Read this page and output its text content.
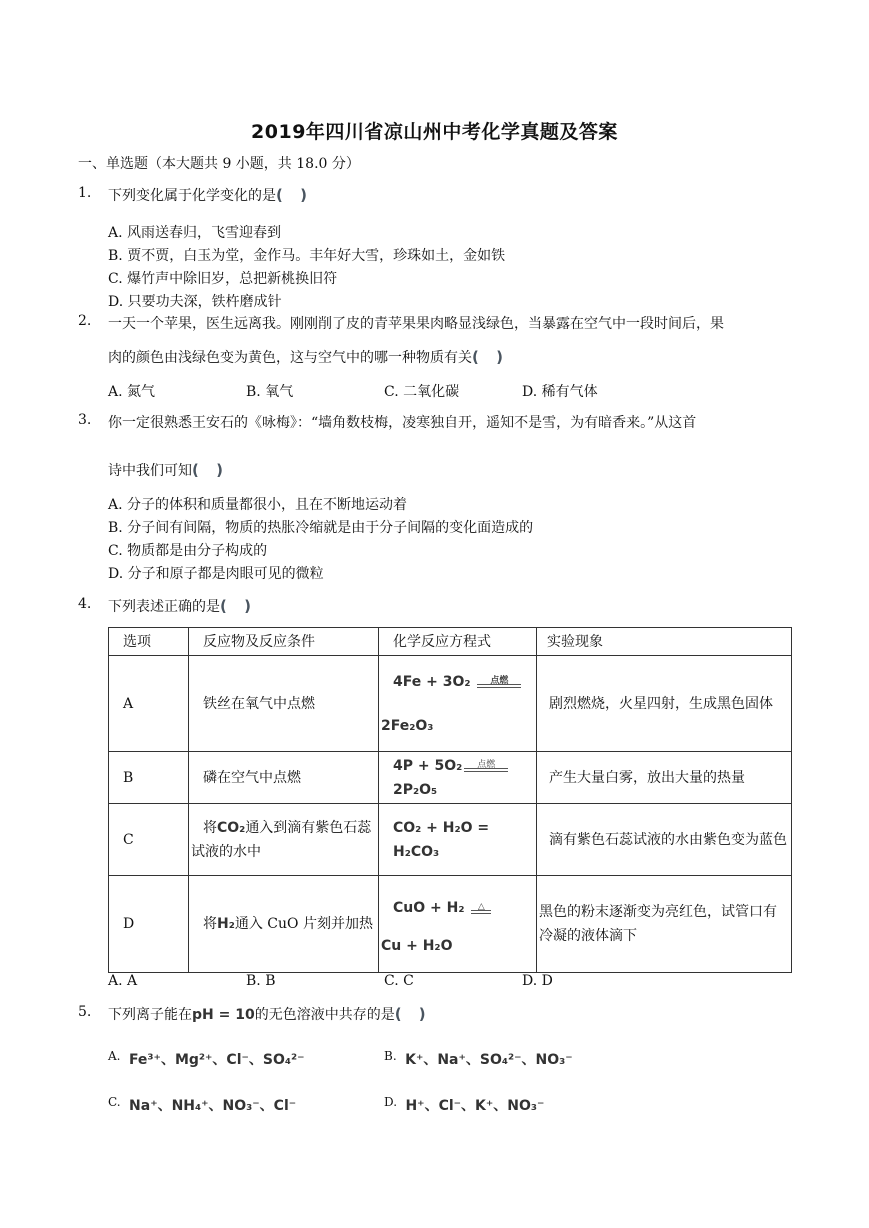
2019年四川省凉山州中考化学真题及答案
一、单选题（本大题共 9 小题，共 18.0 分）
1. 下列变化属于化学变化的是( )
A. 风雨送春归，飞雪迎春到
B. 贾不贾，白玉为堂，金作马。丰年好大雪，珍珠如土，金如铁
C. 爆竹声中除旧岁，总把新桃换旧符
D. 只要功夫深，铁杵磨成针
2. 一天一个苹果，医生远离我。刚刚削了皮的青苹果果肉略显浅绿色，当暴露在空气中一段时间后，果
肉的颜色由浅绿色变为黄色，这与空气中的哪一种物质有关( )
A. 氮气	B. 氧气	C. 二氧化碳	D. 稀有气体
3. 你一定很熟悉王安石的《咏梅》：“墙角数枝梅，凌寒独自开，遥知不是雪，为有暗香来。”从这首
诗中我们可知( )
A. 分子的体积和质量都很小，且在不断地运动着
B. 分子间有间隔，物质的热胀冷缩就是由于分子间隔的变化面造成的
C. 物质都是由分子构成的
D. 分子和原子都是肉眼可见的微粒
4. 下列表述正确的是( )
选项	反应物及反应条件	化学反应方程式	实验现象
A	铁丝在氧气中点燃	4Fe + 3O₂ 点燃
2Fe₂O₃	剧烈燃烧，火星四射，生成黑色固体
B	磷在空气中点燃	4P + 5O₂ 点燃
2P₂O₅	产生大量白雾，放出大量的热量
C	将CO₂通入到滴有紫色石蕊试液的水中	CO₂ + H₂O = H₂CO₃	滴有紫色石蕊试液的水由紫色变为蓝色
D	将H₂通入 CuO 片刻并加热	CuO + H₂ △
Cu + H₂O	黑色的粉末逐渐变为亮红色，试管口有冷凝的液体滴下
A. A	B. B	C. C	D. D
5. 下列离子能在pH = 10的无色溶液中共存的是( )
A. Fe³⁺、Mg²⁺、Cl⁻、SO₄²⁻	B. K⁺、Na⁺、SO₄²⁻、NO₃⁻
C. Na⁺、NH₄⁺、NO₃⁻、Cl⁻	D. H⁺、Cl⁻、K⁺、NO₃⁻
